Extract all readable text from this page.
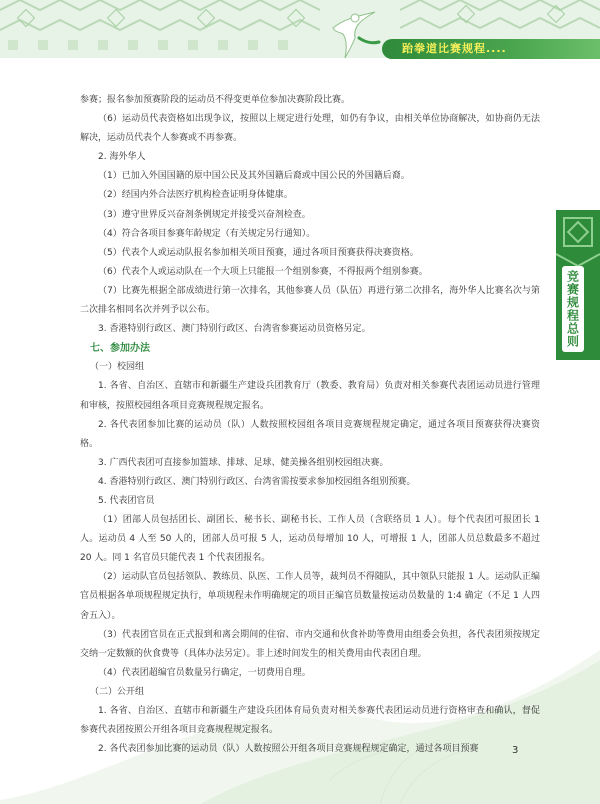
跆拳道比赛规程....
竞赛规程总则

参赛；报名参加预赛阶段的运动员不得变更单位参加决赛阶段比赛。

（6）运动员代表资格如出现争议，按照以上规定进行处理，如仍有争议，由相关单位协商解决，如协商仍无法解决，运动员代表个人参赛或不再参赛。

2. 海外华人

（1）已加入外国国籍的原中国公民及其外国籍后裔或中国公民的外国籍后裔。

（2）经国内外合法医疗机构检查证明身体健康。

（3）遵守世界反兴奋剂条例规定并接受兴奋剂检查。

（4）符合各项目参赛年龄规定（有关规定另行通知）。

（5）代表个人或运动队报名参加相关项目预赛，通过各项目预赛获得决赛资格。

（6）代表个人或运动队在一个大项上只能报一个组别参赛，不得报两个组别参赛。

（7）比赛先根据全部成绩进行第一次排名，其他参赛人员（队伍）再进行第二次排名，海外华人比赛名次与第二次排名相同名次并列予以公布。

3. 香港特别行政区、澳门特别行政区、台湾省参赛运动员资格另定。

七、参加办法

（一）校园组

1. 各省、自治区、直辖市和新疆生产建设兵团教育厅（教委、教育局）负责对相关参赛代表团运动员进行管理和审核，按照校园组各项目竞赛规程规定报名。

2. 各代表团参加比赛的运动员（队）人数按照校园组各项目竞赛规程规定确定，通过各项目预赛获得决赛资格。

3. 广西代表团可直接参加篮球、排球、足球、健美操各组别校园组决赛。

4. 香港特别行政区、澳门特别行政区、台湾省需按要求参加校园组各组别预赛。

5. 代表团官员

（1）团部人员包括团长、副团长、秘书长、副秘书长、工作人员（含联络员 1 人）。每个代表团可报团长 1 人。运动员 4 人至 50 人的，团部人员可报 5 人，运动员每增加 10 人，可增报 1 人，团部人员总数最多不超过 20 人。同 1 名官员只能代表 1 个代表团报名。

（2）运动队官员包括领队、教练员、队医、工作人员等，裁判员不得随队，其中领队只能报 1 人。运动队正编官员根据各单项规程规定执行，单项规程未作明确规定的项目正编官员数量按运动员数量的 1:4 确定（不足 1 人四舍五入）。

（3）代表团官员在正式报到和离会期间的住宿、市内交通和伙食补助等费用由组委会负担，各代表团须按规定交纳一定数额的伙食费等（具体办法另定）。非上述时间发生的相关费用由代表团自理。

（4）代表团超编官员数量另行确定，一切费用自理。

（二）公开组

1. 各省、自治区、直辖市和新疆生产建设兵团体育局负责对相关参赛代表团运动员进行资格审查和确认，督促参赛代表团按照公开组各项目竞赛规程规定报名。

2. 各代表团参加比赛的运动员（队）人数按照公开组各项目竞赛规程规定确定，通过各项目预赛	3
